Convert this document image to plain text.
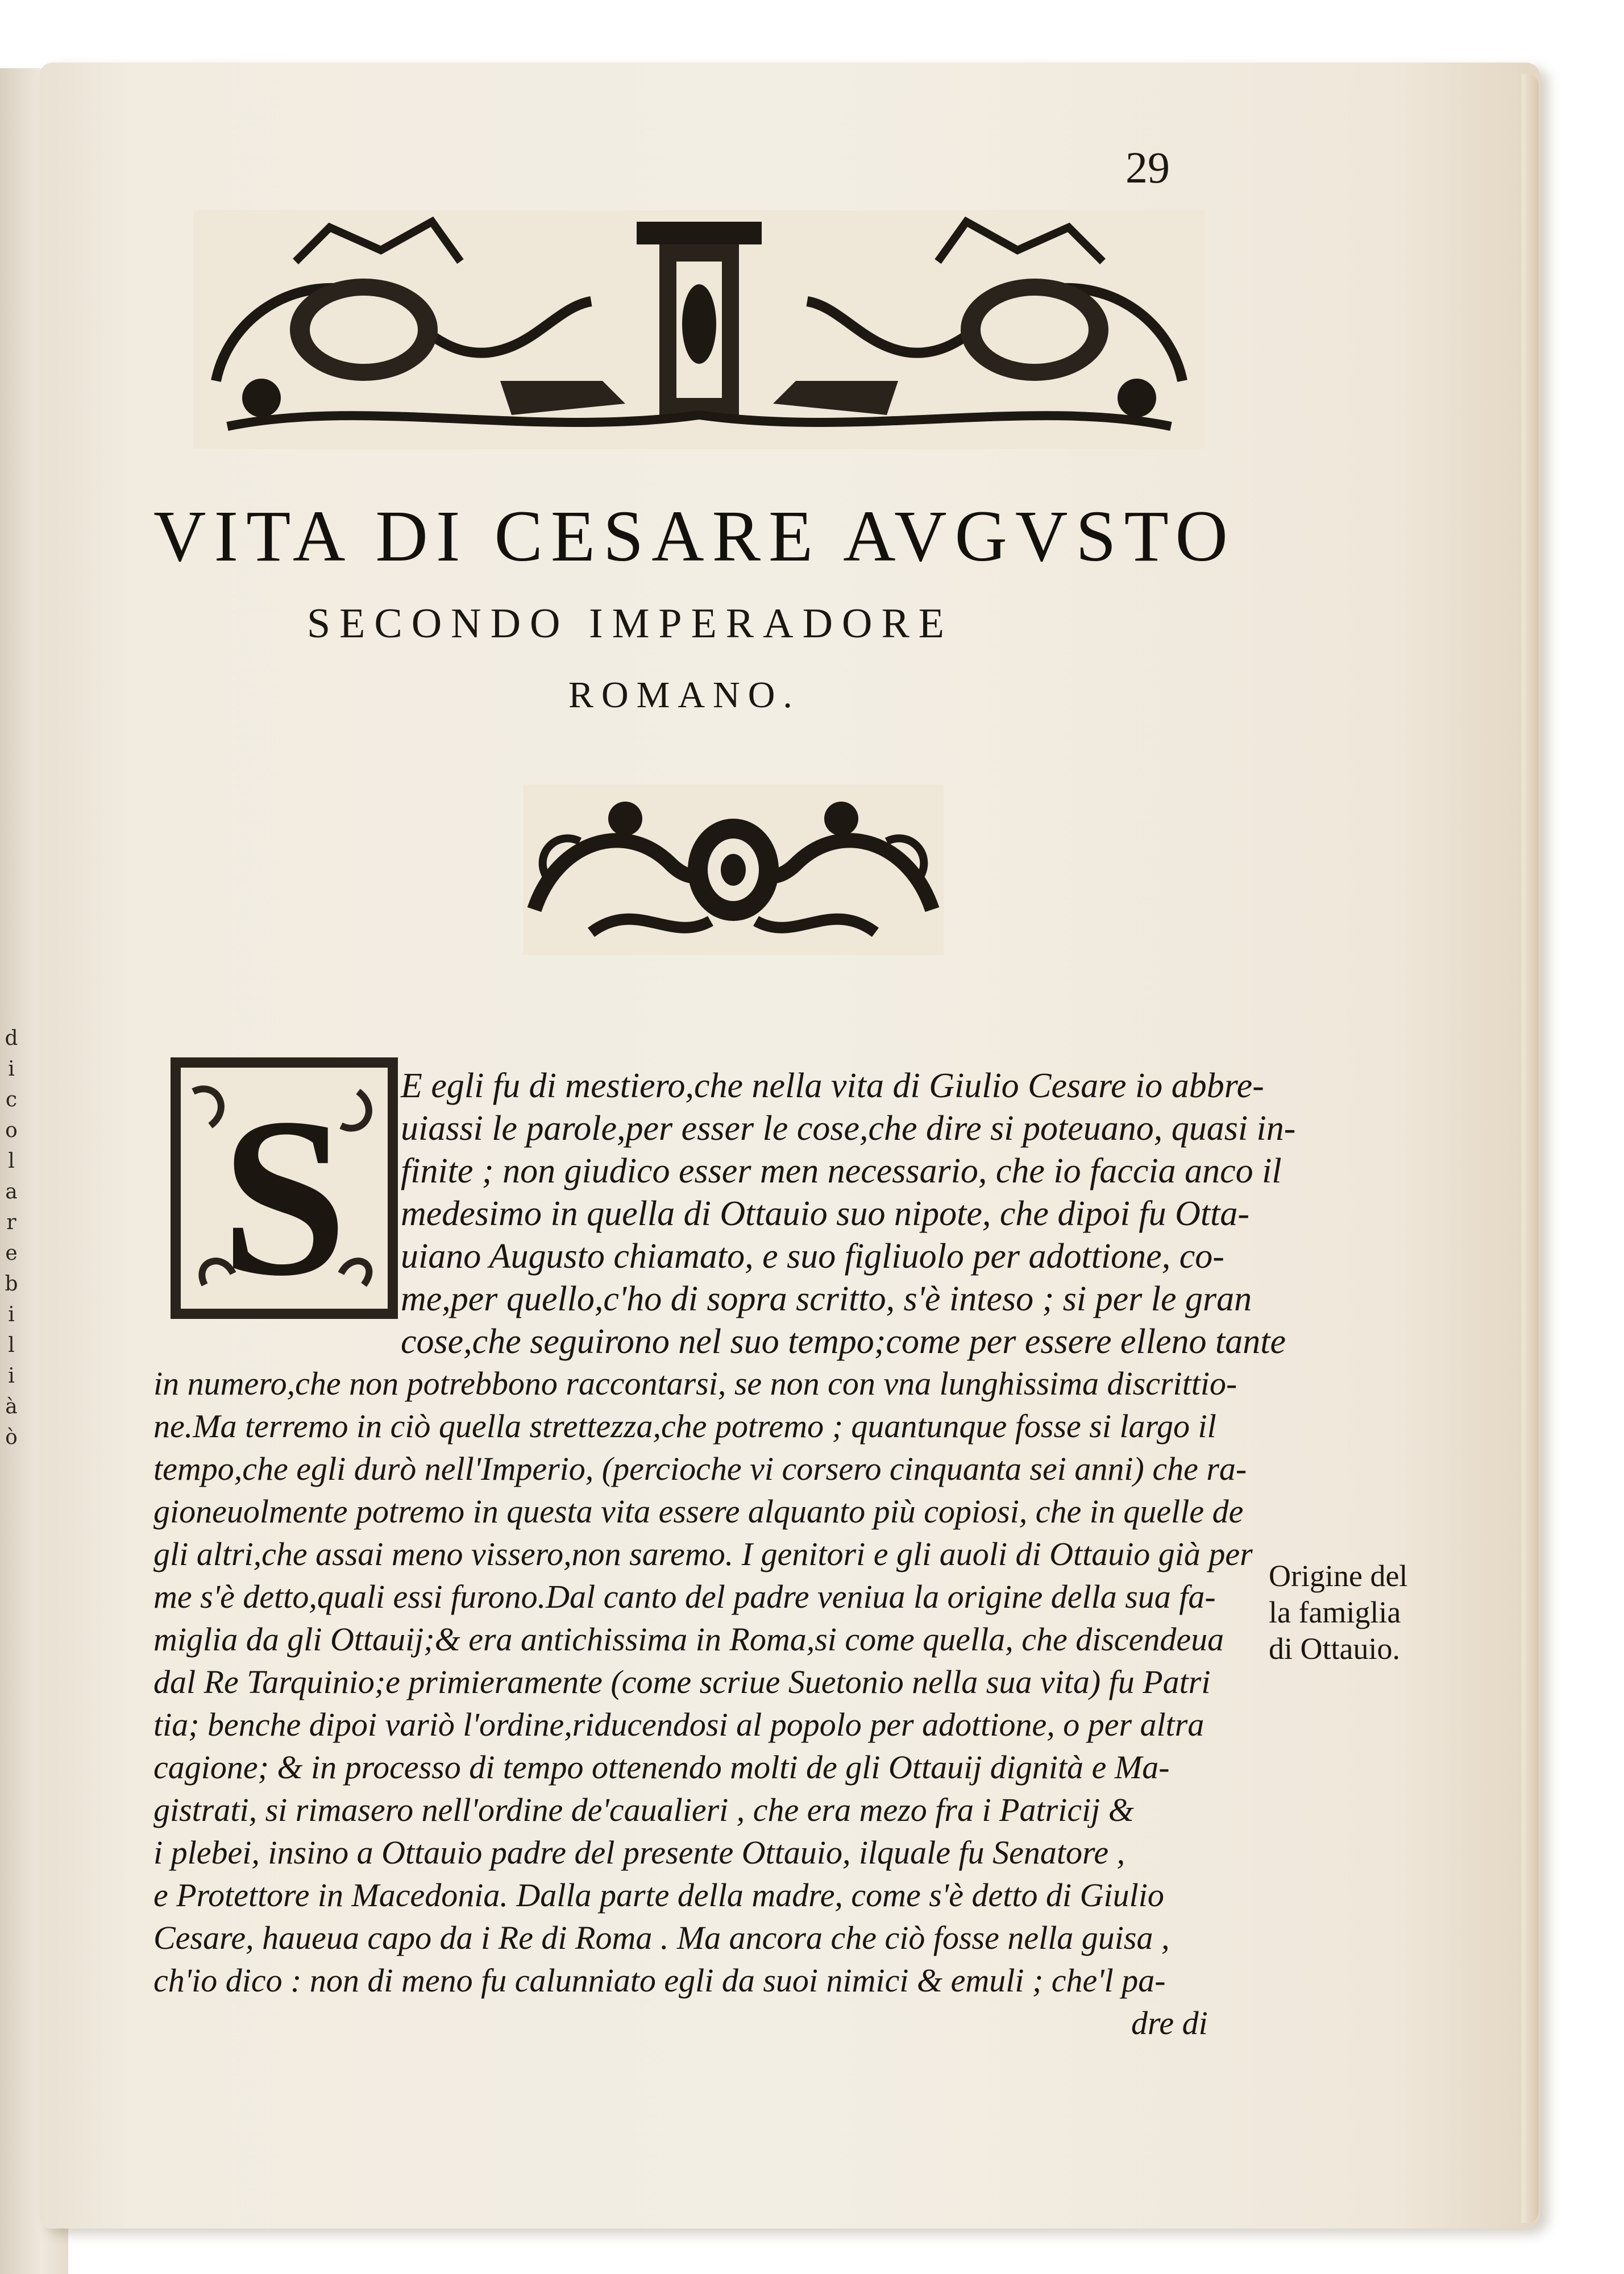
d
i
c
o
l
a
r
e
b
i
l
i
à
ò
29
VITA DI CESARE AVGVSTO
SECONDO IMPERADORE
ROMANO.
S E egli fu di mestiero,che nella vita di Giulio Cesare io abbre-
uiassi le parole,per esser le cose,che dire si poteuano, quasi in-
finite ; non giudico esser men necessario, che io faccia anco il
medesimo in quella di Ottauio suo nipote, che dipoi fu Otta-
uiano Augusto chiamato, e suo figliuolo per adottione, co-
me,per quello,c'ho di sopra scritto, s'è inteso ; si per le gran
cose,che seguirono nel suo tempo;come per essere elleno tante
in numero,che non potrebbono raccontarsi, se non con vna lunghissima discrittio-
ne.Ma terremo in ciò quella strettezza,che potremo ; quantunque fosse si largo il
tempo,che egli durò nell'Imperio, (percioche vi corsero cinquanta sei anni) che ra-
gioneuolmente potremo in questa vita essere alquanto più copiosi, che in quelle de
gli altri,che assai meno vissero,non saremo. I genitori e gli auoli di Ottauio già per
me s'è detto,quali essi furono.Dal canto del padre veniua la origine della sua fa-
miglia da gli Ottauij;& era antichissima in Roma,si come quella, che discendeua
dal Re Tarquinio;e primieramente (come scriue Suetonio nella sua vita) fu Patri
tia; benche dipoi variò l'ordine,riducendosi al popolo per adottione, o per altra
cagione; & in processo di tempo ottenendo molti de gli Ottauij dignità e Ma-
gistrati, si rimasero nell'ordine de'caualieri , che era mezo fra i Patricij &
i plebei, insino a Ottauio padre del presente Ottauio, ilquale fu Senatore ,
e Protettore in Macedonia. Dalla parte della madre, come s'è detto di Giulio
Cesare, haueua capo da i Re di Roma . Ma ancora che ciò fosse nella guisa ,
ch'io dico : non di meno fu calunniato egli da suoi nimici & emuli ; che'l pa-
dre di
Origine del
la famiglia
di Ottauio.
